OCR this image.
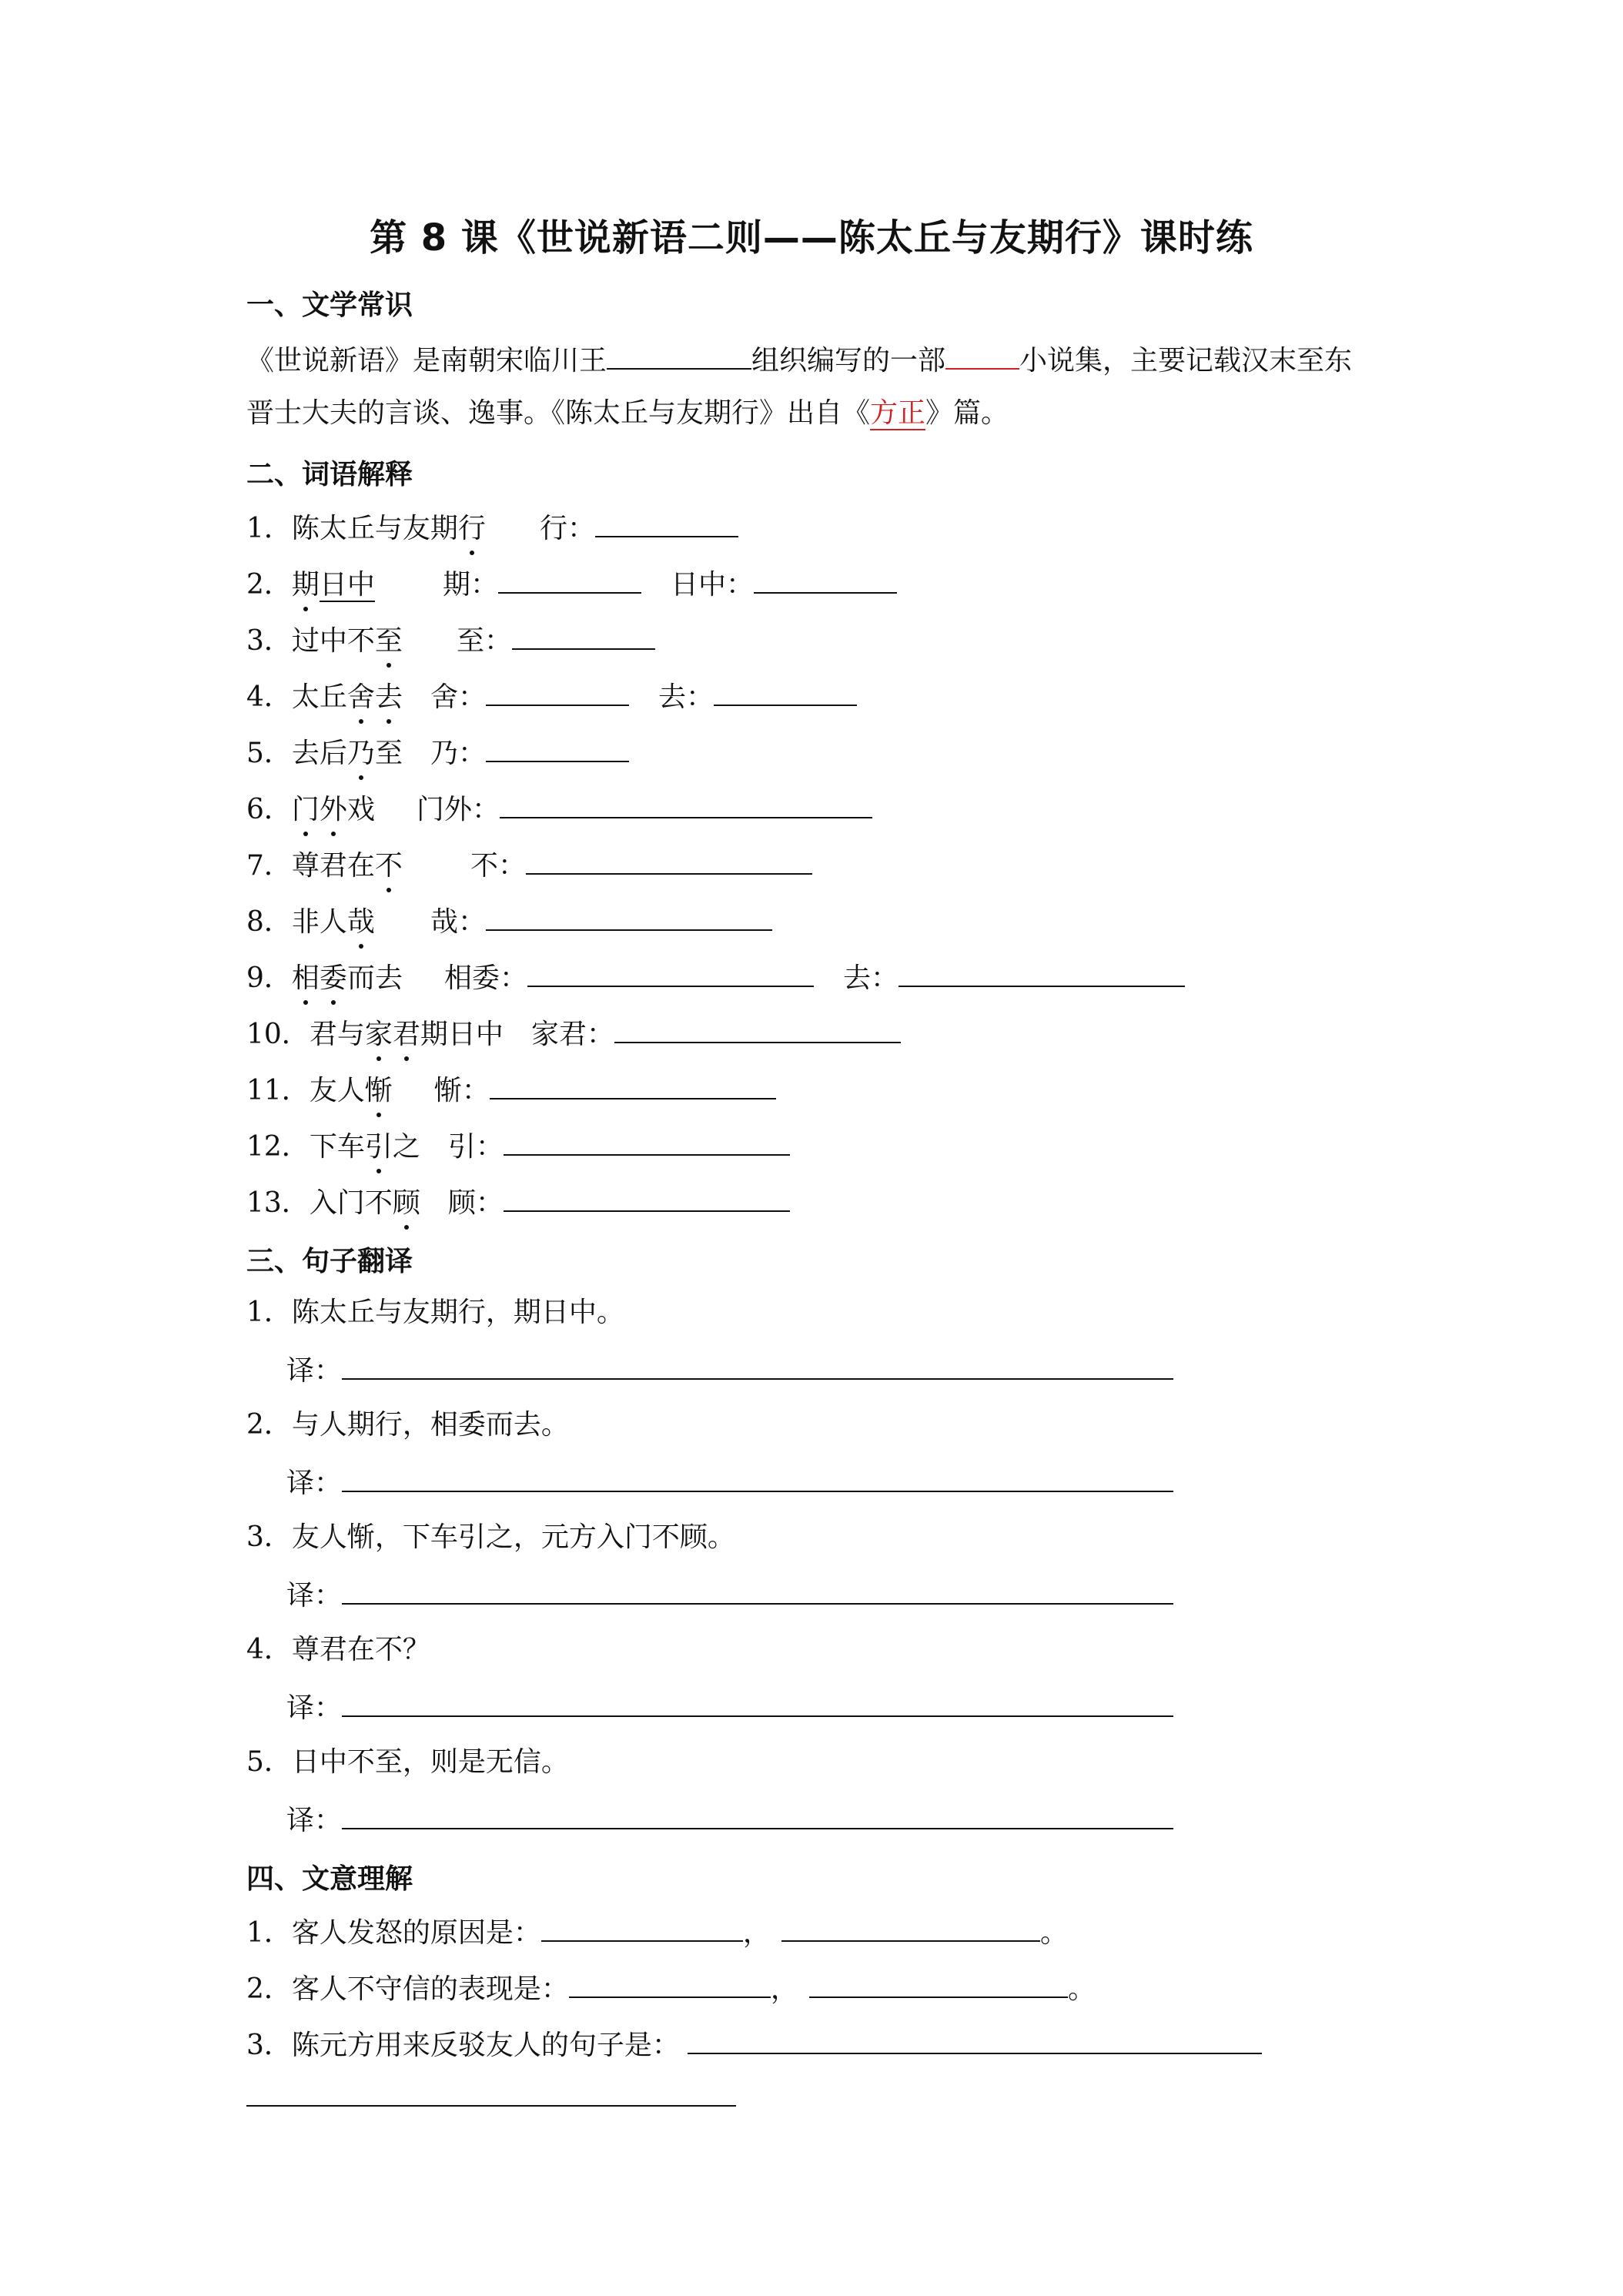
第 8 课《世说新语二则——陈太丘与友期行》课时练
一、文学常识
《世说新语》是南朝宋临川王	组织编写的一部	小说集，主要记载汉末至东
晋士大夫的言谈、逸事。《陈太丘与友期行》出自《方正》篇。
二、词语解释
1．陈太丘与友期行 行：
2．期日中 期：	日中：
3．过中不至 至：
4．太丘舍去 舍：	去：
5．去后乃至 乃：
6．门外戏 门外：
7．尊君在不 不：
8．非人哉 哉：
9．相委而去 相委：	去：
10．君与家君期日中 家君：
11．友人惭 惭：
12．下车引之 引：
13．入门不顾 顾：
三、句子翻译
1．陈太丘与友期行，期日中。
译：
2．与人期行，相委而去。
译：
3．友人惭，下车引之，元方入门不顾。
译：
4．尊君在不？
译：
5．日中不至，则是无信。
译：
四、文意理解
1．客人发怒的原因是：	，	。
2．客人不守信的表现是：	，	。
3．陈元方用来反驳友人的句子是：
